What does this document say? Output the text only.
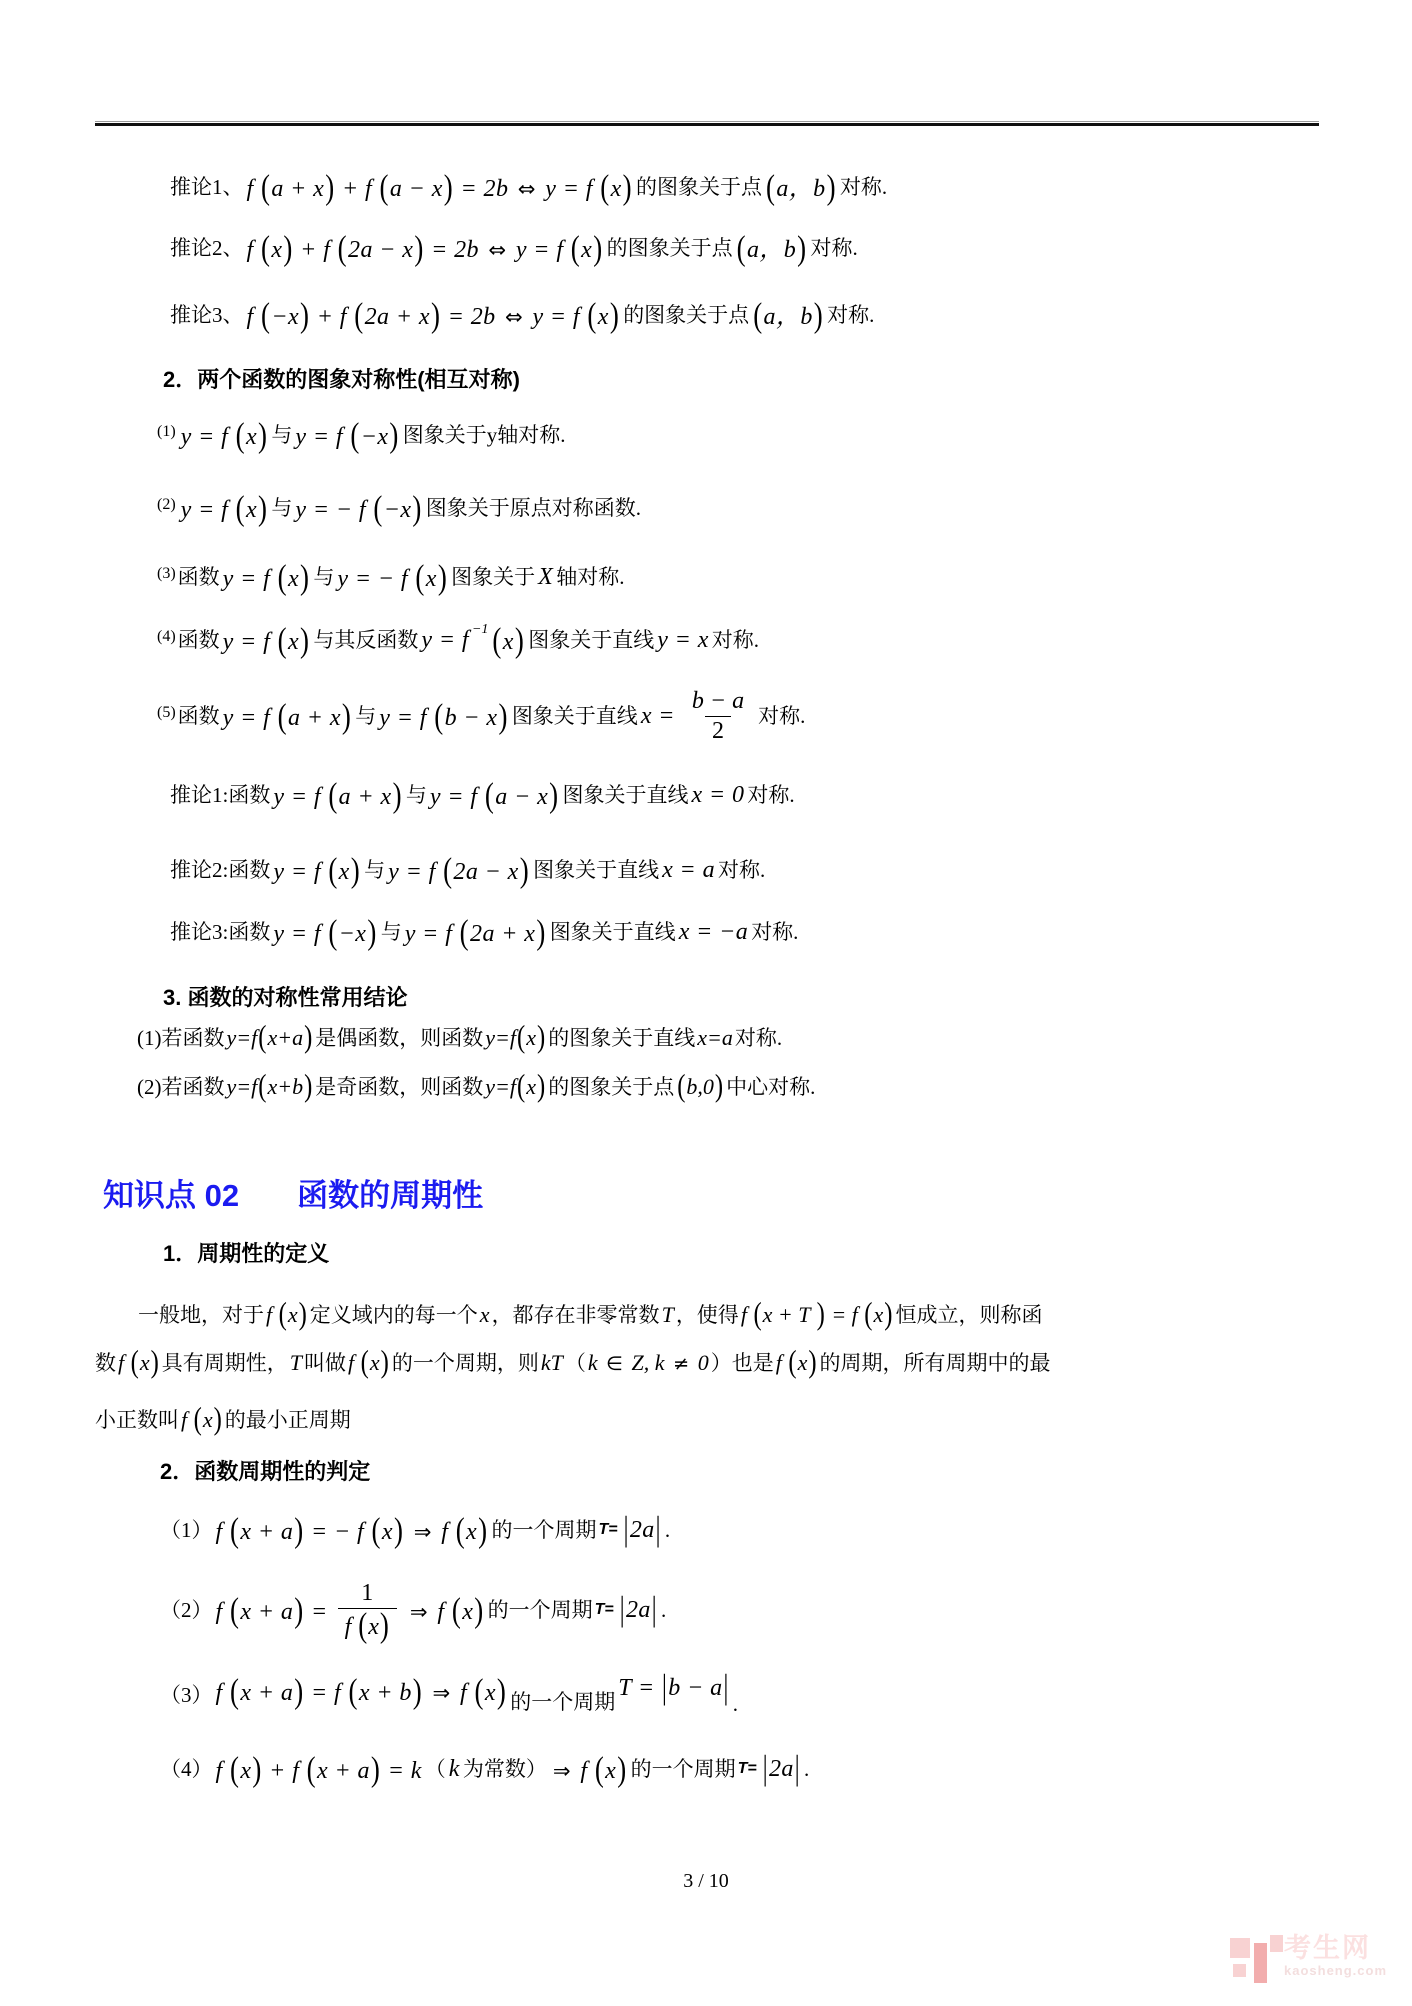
推论1、 f (a + x) + f (a − x) = 2b ⇔ y = f (x) 的图象关于点 (a，b) 对称.
推论2、 f (x) + f (2a − x) = 2b ⇔ y = f (x) 的图象关于点 (a，b) 对称.
推论3、 f (−x) + f (2a + x) = 2b ⇔ y = f (x) 的图象关于点 (a，b) 对称.
2．两个函数的图象对称性(相互对称)
(1) y = f (x) 与 y = f (−x) 图象关于y轴对称.
(2) y = f (x) 与 y = − f (−x) 图象关于原点对称函数.
(3) 函数 y = f (x) 与 y = − f (x) 图象关于 X 轴对称.
(4) 函数 y = f (x) 与其反函数 y = f −1 (x) 图象关于直线 y = x 对称.
(5) 函数 y = f (a + x) 与 y = f (b − x) 图象关于直线 $x = \frac{b - a}{2}$ 对称.
推论1:函数 y = f (a + x) 与 y = f (a − x) 图象关于直线 x = 0 对称.
推论2:函数 y = f (x) 与 y = f (2a − x) 图象关于直线 x = a 对称.
推论3:函数 y = f (−x) 与 y = f (2a + x) 图象关于直线 x = −a 对称.
3. 函数的对称性常用结论
(1)若函数 y=f(x+a) 是偶函数，则函数 y=f(x) 的图象关于直线 x=a 对称.
(2)若函数 y=f(x+b) 是奇函数，则函数 y=f(x) 的图象关于点 (b,0) 中心对称.
知识点 02 函数的周期性
1．周期性的定义
一般地，对于 f (x) 定义域内的每一个 x ，都存在非零常数 T ，使得 f (x + T ) = f (x) 恒成立，则称函
数 f (x) 具有周期性， T 叫做 f (x) 的一个周期，则 kT （ k ∈ Z, k ≠ 0 ）也是 f (x) 的周期，所有周期中的最
小正数叫 f (x) 的最小正周期
2．函数周期性的判定
（1） f (x + a) = − f (x) ⇒ f (x) 的一个周期 T= |2a| .
（2） f $(x + a) = \frac{1}{f (x)}$ ⇒ f (x) 的一个周期 T= |2a| .
（3） f (x + a) = f (x + b) ⇒ f (x) 的一个周期
T = |b − a| .
（4） f (x) + f (x + a) = k （ k 为常数） ⇒ f (x) 的一个周期 T= |2a| .
3 / 10
考生网
kaosheng.com
